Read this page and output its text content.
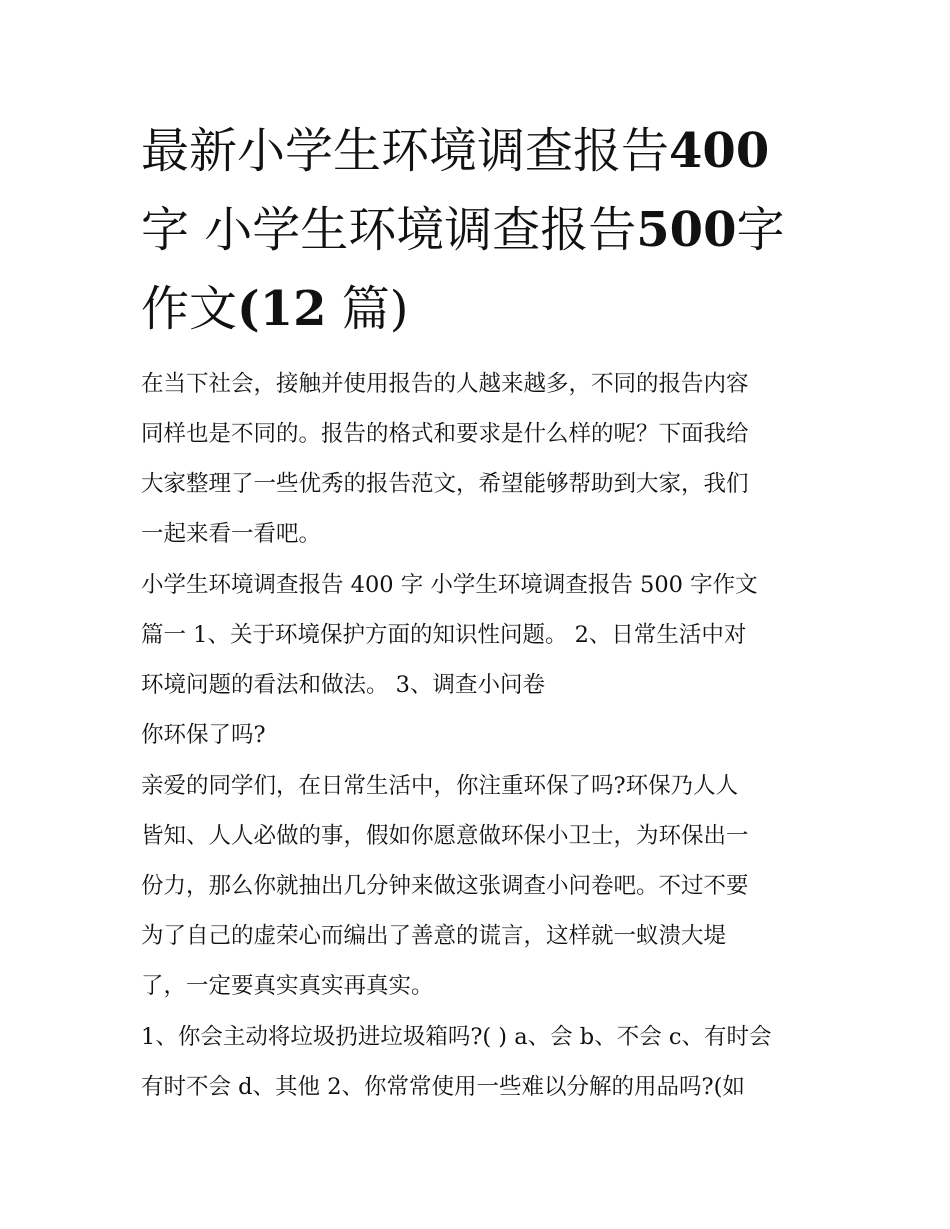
最新小学生环境调查报告400
字 小学生环境调查报告500字
作文(12 篇)

在当下社会，接触并使用报告的人越来越多，不同的报告内容
同样也是不同的。报告的格式和要求是什么样的呢？下面我给
大家整理了一些优秀的报告范文，希望能够帮助到大家，我们
一起来看一看吧。

小学生环境调查报告 400 字 小学生环境调查报告 500 字作文
篇一 1、关于环境保护方面的知识性问题。 2、日常生活中对
环境问题的看法和做法。 3、调查小问卷

你环保了吗?

亲爱的同学们，在日常生活中，你注重环保了吗?环保乃人人
皆知、人人必做的事，假如你愿意做环保小卫士，为环保出一
份力，那么你就抽出几分钟来做这张调查小问卷吧。不过不要
为了自己的虚荣心而编出了善意的谎言，这样就一蚁溃大堤
了，一定要真实真实再真实。

1、你会主动将垃圾扔进垃圾箱吗?( ) a、会 b、不会 c、有时会
有时不会 d、其他 2、你常常使用一些难以分解的用品吗?(如
